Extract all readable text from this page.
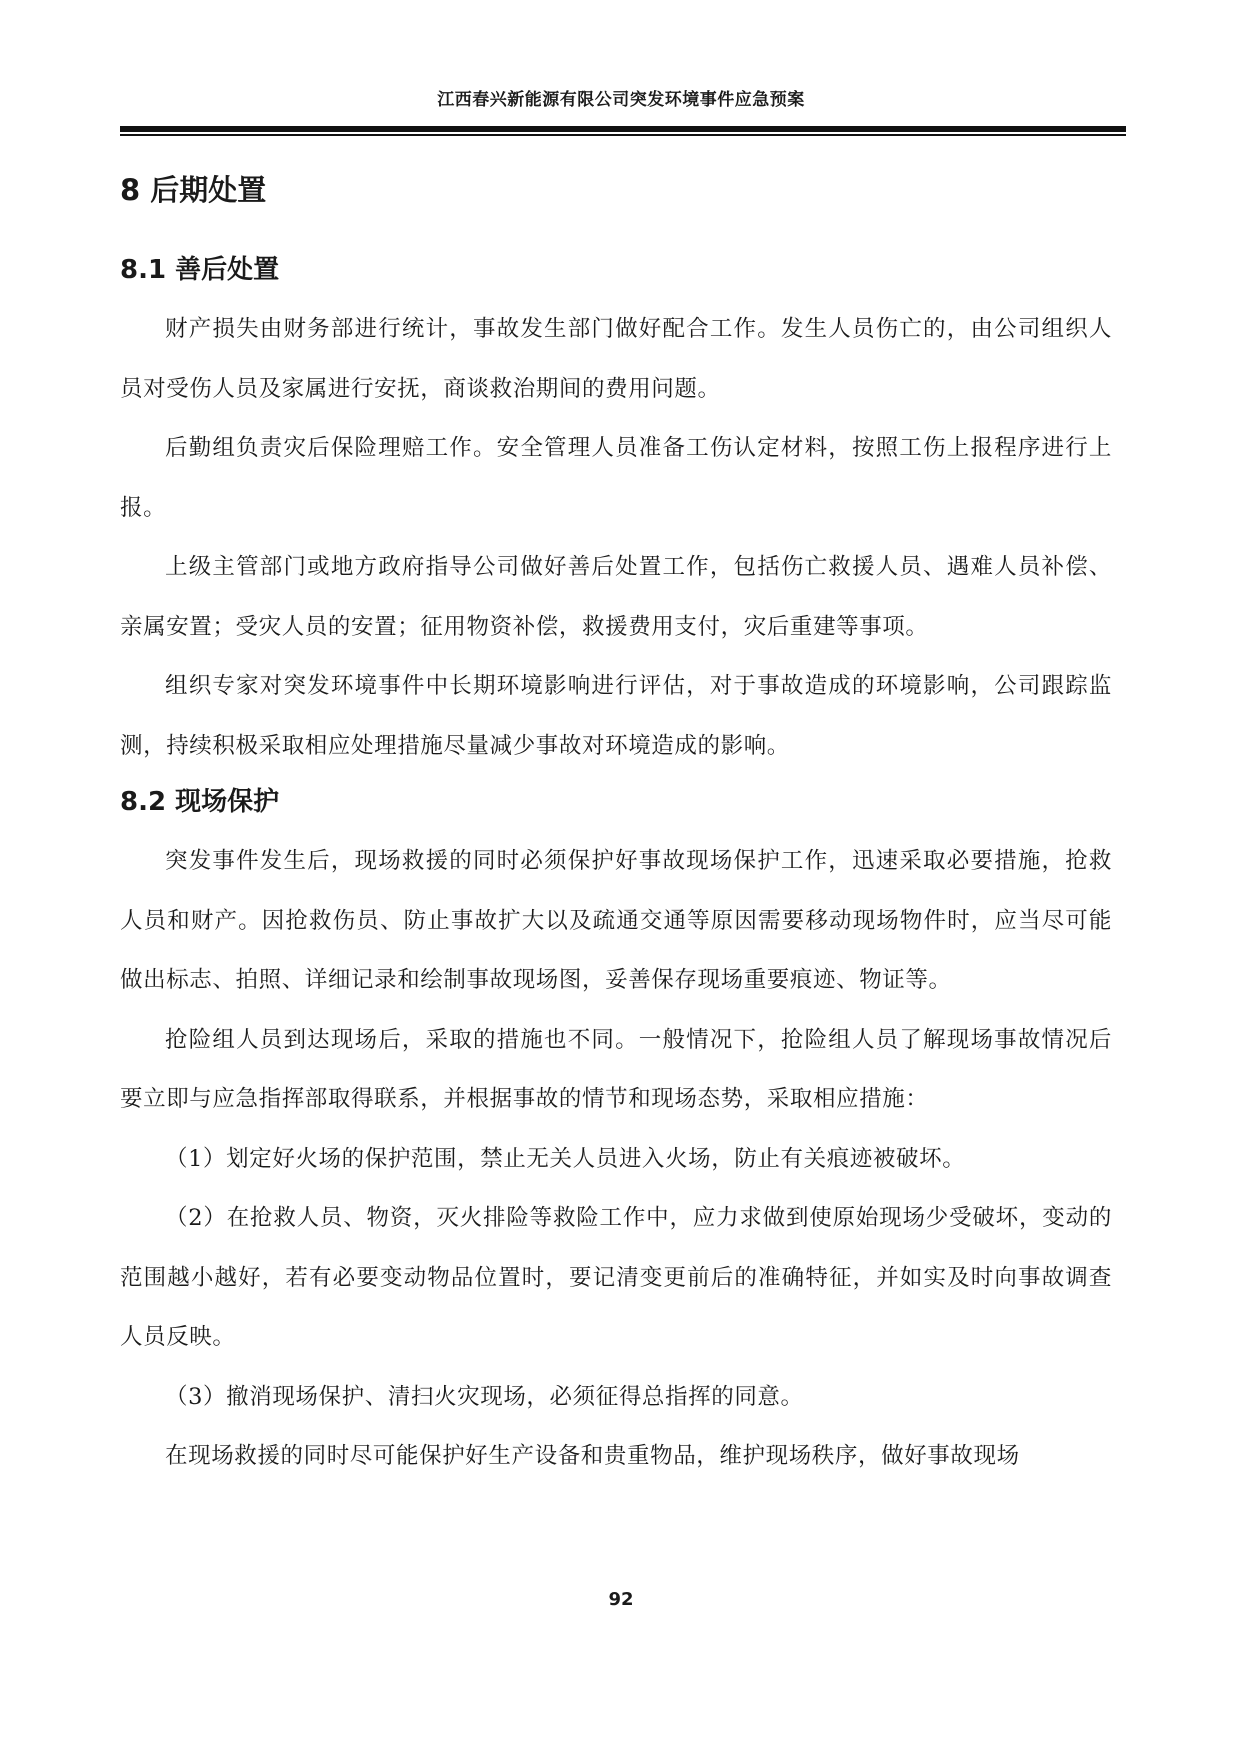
江西春兴新能源有限公司突发环境事件应急预案
8 后期处置
8.1 善后处置

财产损失由财务部进行统计，事故发生部门做好配合工作。发生人员伤亡的，由公司组织人员对受伤人员及家属进行安抚，商谈救治期间的费用问题。

后勤组负责灾后保险理赔工作。安全管理人员准备工伤认定材料，按照工伤上报程序进行上报。

上级主管部门或地方政府指导公司做好善后处置工作，包括伤亡救援人员、遇难人员补偿、亲属安置；受灾人员的安置；征用物资补偿，救援费用支付，灾后重建等事项。

组织专家对突发环境事件中长期环境影响进行评估，对于事故造成的环境影响，公司跟踪监测，持续积极采取相应处理措施尽量减少事故对环境造成的影响。

8.2 现场保护

突发事件发生后，现场救援的同时必须保护好事故现场保护工作，迅速采取必要措施，抢救人员和财产。因抢救伤员、防止事故扩大以及疏通交通等原因需要移动现场物件时，应当尽可能做出标志、拍照、详细记录和绘制事故现场图，妥善保存现场重要痕迹、物证等。

抢险组人员到达现场后，采取的措施也不同。一般情况下，抢险组人员了解现场事故情况后要立即与应急指挥部取得联系，并根据事故的情节和现场态势，采取相应措施：

（1）划定好火场的保护范围，禁止无关人员进入火场，防止有关痕迹被破坏。

（2）在抢救人员、物资，灭火排险等救险工作中，应力求做到使原始现场少受破坏，变动的范围越小越好，若有必要变动物品位置时，要记清变更前后的准确特征，并如实及时向事故调查人员反映。

（3）撤消现场保护、清扫火灾现场，必须征得总指挥的同意。

在现场救援的同时尽可能保护好生产设备和贵重物品，维护现场秩序，做好事故现场

92
